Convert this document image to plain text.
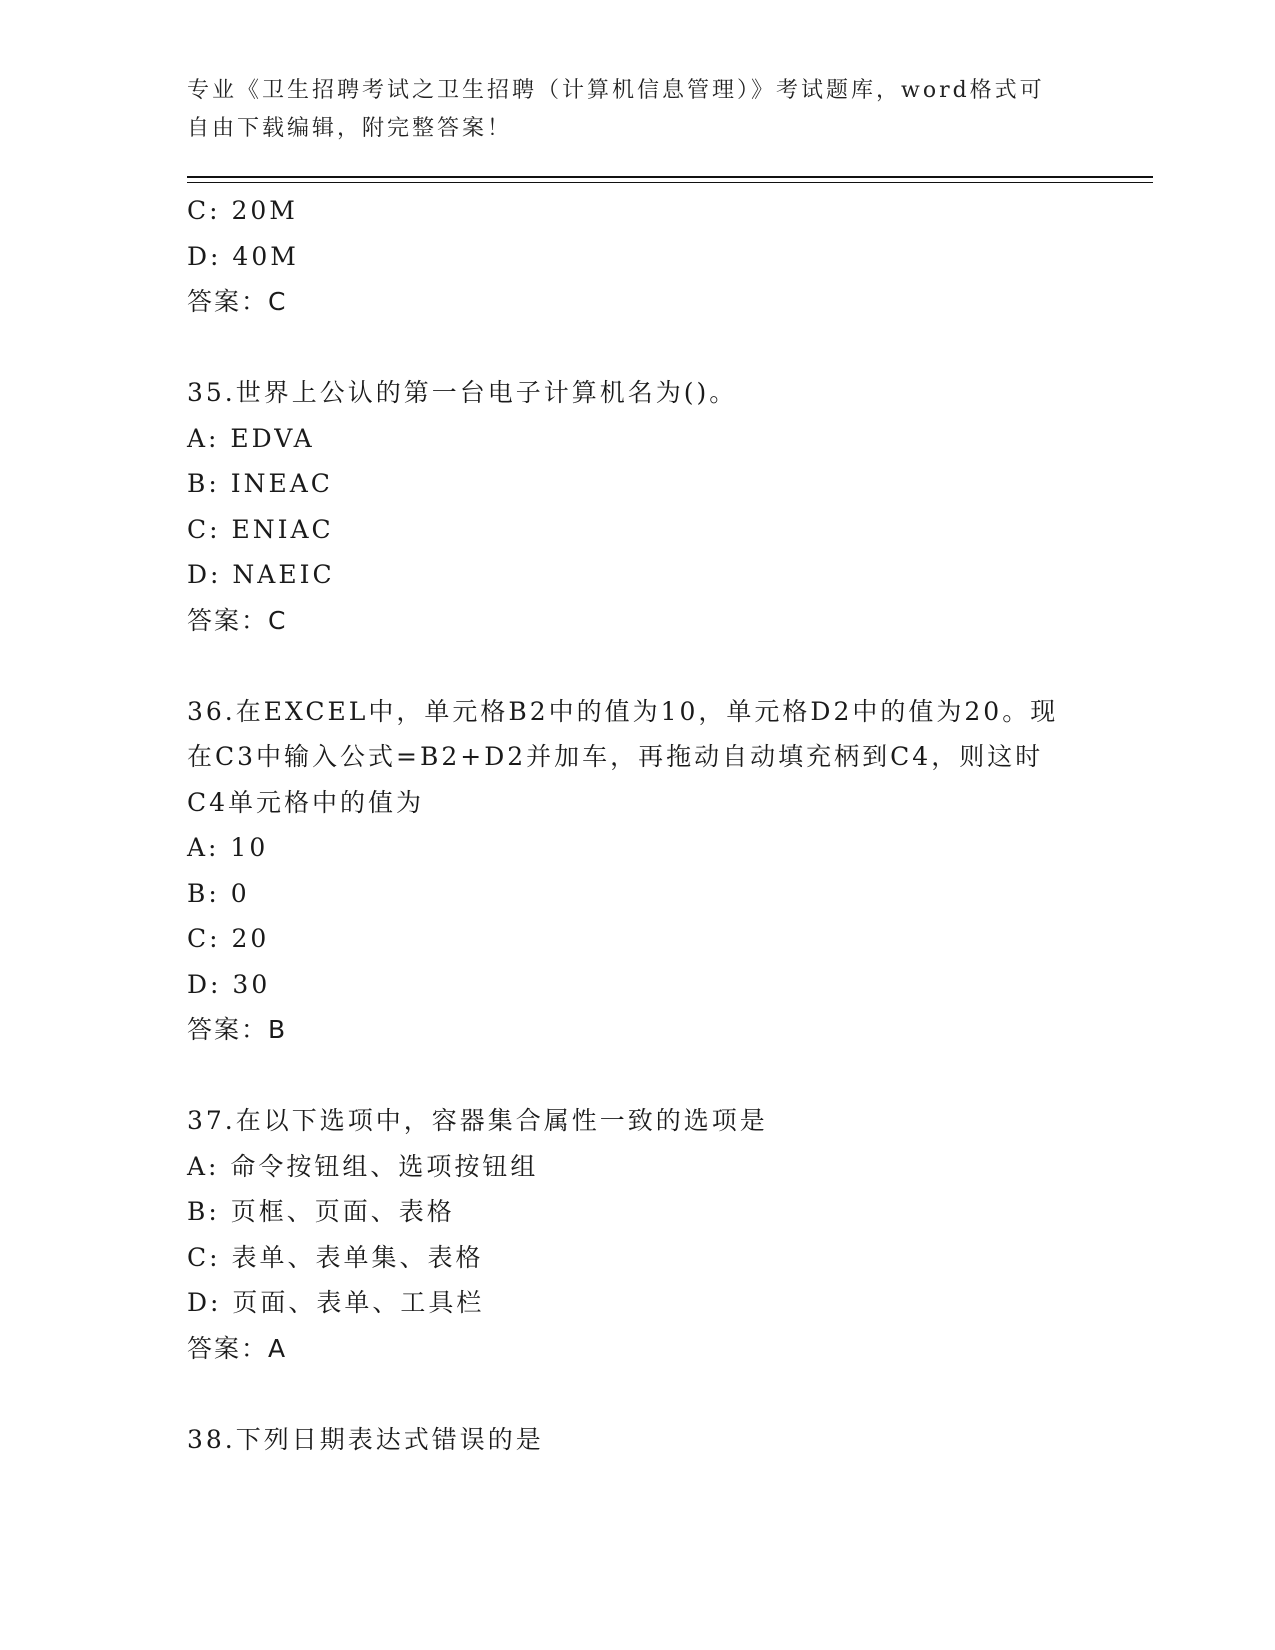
专业《卫生招聘考试之卫生招聘（计算机信息管理）》考试题库，word格式可自由下载编辑，附完整答案！
C: 20M
D: 40M
答案：C
35.世界上公认的第一台电子计算机名为()。
A: EDVA
B: INEAC
C: ENIAC
D: NAEIC
答案：C
36.在EXCEL中，单元格B2中的值为10，单元格D2中的值为20。现在C3中输入公式=B2+D2并加车，再拖动自动填充柄到C4，则这时C4单元格中的值为
A: 10
B: 0
C: 20
D: 30
答案：B
37.在以下选项中，容器集合属性一致的选项是
A: 命令按钮组、选项按钮组
B: 页框、页面、表格
C: 表单、表单集、表格
D: 页面、表单、工具栏
答案：A
38.下列日期表达式错误的是
